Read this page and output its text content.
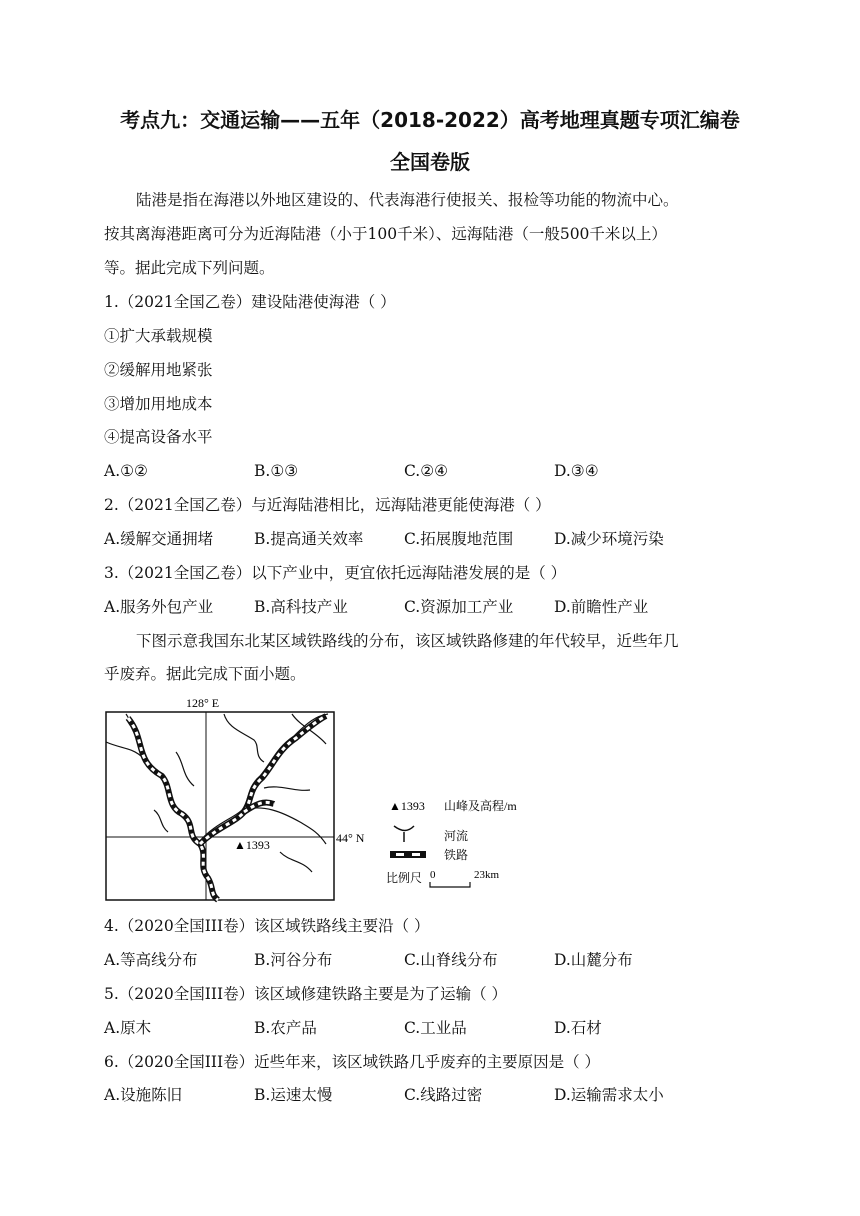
考点九：交通运输——五年（2018-2022）高考地理真题专项汇编卷
全国卷版
陆港是指在海港以外地区建设的、代表海港行使报关、报检等功能的物流中心。
按其离海港距离可分为近海陆港（小于100千米）、远海陆港（一般500千米以上）
等。据此完成下列问题。
1.（2021全国乙卷）建设陆港使海港（ ）
①扩大承载规模
②缓解用地紧张
③增加用地成本
④提高设备水平
A.①②	B.①③	C.②④	D.③④
2.（2021全国乙卷）与近海陆港相比，远海陆港更能使海港（ ）
A.缓解交通拥堵	B.提高通关效率	C.拓展腹地范围	D.减少环境污染
3.（2021全国乙卷）以下产业中，更宜依托远海陆港发展的是（ ）
A.服务外包产业	B.高科技产业	C.资源加工产业	D.前瞻性产业
下图示意我国东北某区域铁路线的分布，该区域铁路修建的年代较早，近些年几
乎废弃。据此完成下面小题。
128° E
44° N
▲1393
▲1393 山峰及高程/m
河流
铁路
比例尺 0	23km
4.（2020全国III卷）该区域铁路线主要沿（ ）
A.等高线分布	B.河谷分布	C.山脊线分布	D.山麓分布
5.（2020全国III卷）该区域修建铁路主要是为了运输（ ）
A.原木	B.农产品	C.工业品	D.石材
6.（2020全国III卷）近些年来，该区域铁路几乎废弃的主要原因是（ ）
A.设施陈旧	B.运速太慢	C.线路过密	D.运输需求太小
